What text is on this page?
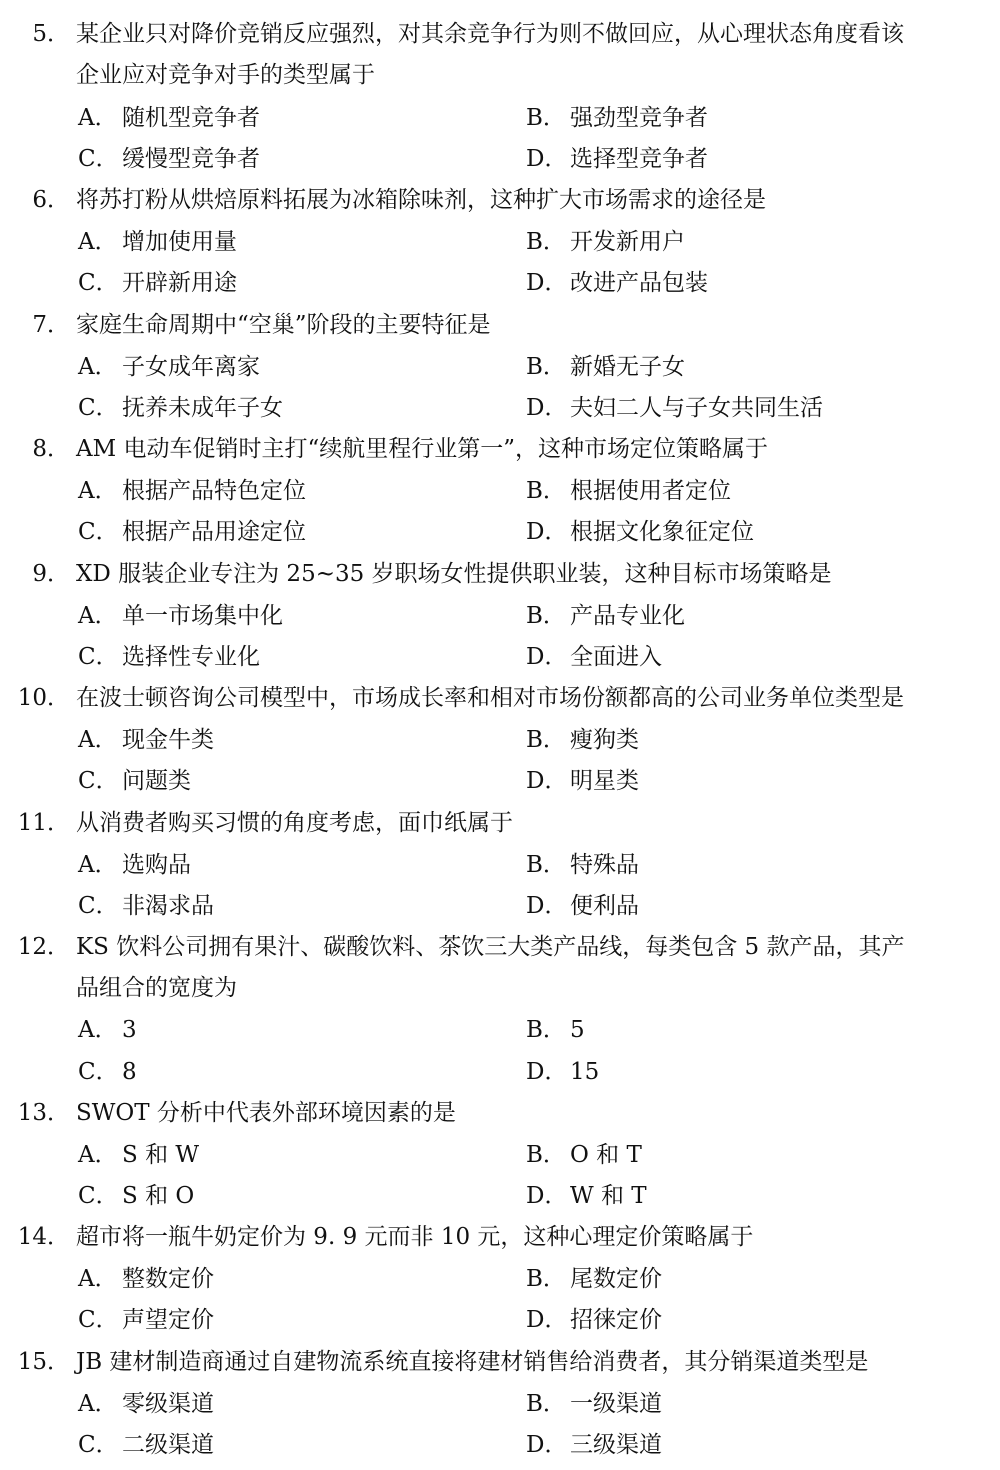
5． 某企业只对降价竞销反应强烈，对其余竞争行为则不做回应，从心理状态角度看该
企业应对竞争对手的类型属于
A． 随机型竞争者	B． 强劲型竞争者
C． 缓慢型竞争者	D． 选择型竞争者
6． 将苏打粉从烘焙原料拓展为冰箱除味剂，这种扩大市场需求的途径是
A． 增加使用量	B． 开发新用户
C． 开辟新用途	D． 改进产品包装
7． 家庭生命周期中“空巢”阶段的主要特征是
A． 子女成年离家	B． 新婚无子女
C． 抚养未成年子女	D． 夫妇二人与子女共同生活
8． AM 电动车促销时主打“续航里程行业第一”，这种市场定位策略属于
A． 根据产品特色定位	B． 根据使用者定位
C． 根据产品用途定位	D． 根据文化象征定位
9． XD 服装企业专注为 25~35 岁职场女性提供职业装，这种目标市场策略是
A． 单一市场集中化	B． 产品专业化
C． 选择性专业化	D． 全面进入
10． 在波士顿咨询公司模型中，市场成长率和相对市场份额都高的公司业务单位类型是
A． 现金牛类	B． 瘦狗类
C． 问题类	D． 明星类
11． 从消费者购买习惯的角度考虑，面巾纸属于
A． 选购品	B． 特殊品
C． 非渴求品	D． 便利品
12． KS 饮料公司拥有果汁、碳酸饮料、茶饮三大类产品线，每类包含 5 款产品，其产
品组合的宽度为
A． 3	B． 5
C． 8	D． 15
13． SWOT 分析中代表外部环境因素的是
A． S 和 W	B． O 和 T
C． S 和 O	D． W 和 T
14． 超市将一瓶牛奶定价为 9. 9 元而非 10 元，这种心理定价策略属于
A． 整数定价	B． 尾数定价
C． 声望定价	D． 招徕定价
15． JB 建材制造商通过自建物流系统直接将建材销售给消费者，其分销渠道类型是
A． 零级渠道	B． 一级渠道
C． 二级渠道	D． 三级渠道
